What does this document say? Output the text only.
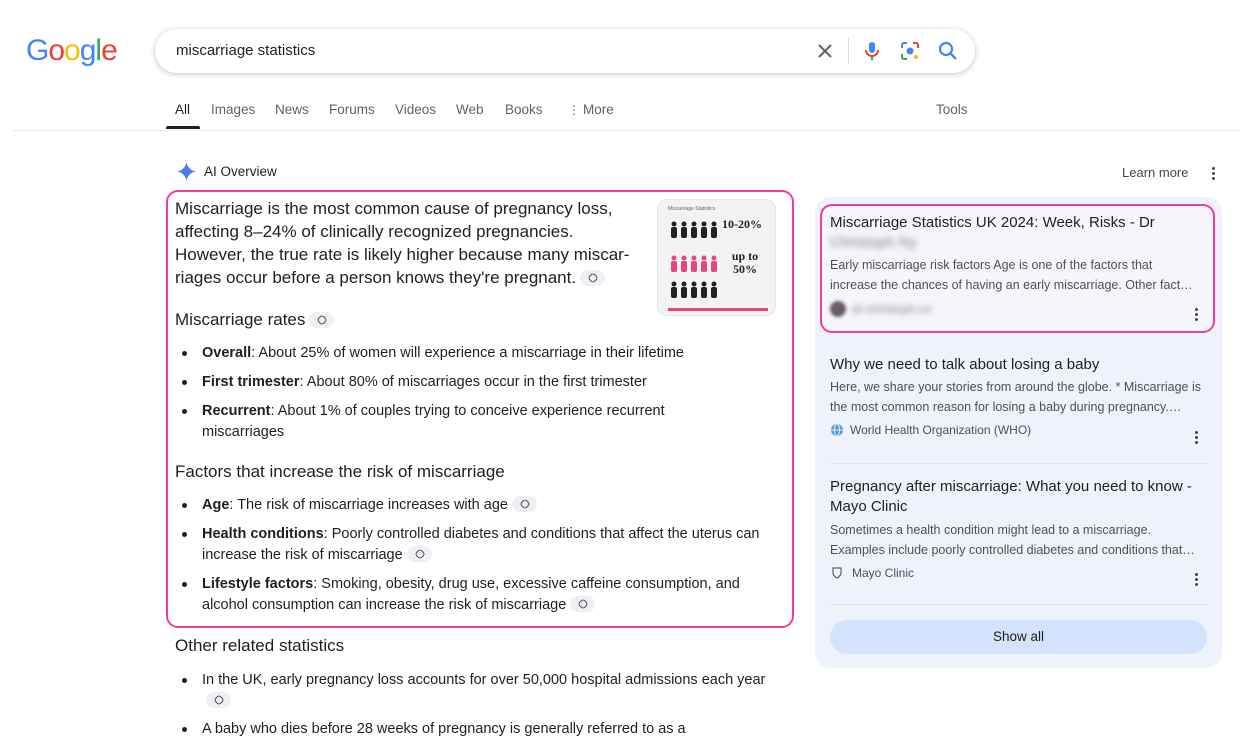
Google	miscarriage statistics
All Images News Forums Videos Web Books ⋮ More	Tools
AI Overview	Learn more
Miscarriage is the most common cause of pregnancy loss, affecting 8–24% of clinically recognized pregnancies. However, the true rate is likely higher because many miscar-riages occur before a person knows they're pregnant.
Miscarriage Statistics
10-20%
up to 50%
Miscarriage rates
Overall: About 25% of women will experience a miscarriage in their lifetime
First trimester: About 80% of miscarriages occur in the first trimester
Recurrent: About 1% of couples trying to conceive experience recurrent miscarriages
Factors that increase the risk of miscarriage
Age: The risk of miscarriage increases with age
Health conditions: Poorly controlled diabetes and conditions that affect the uterus can increase the risk of miscarriage
Lifestyle factors: Smoking, obesity, drug use, excessive caffeine consumption, and alcohol consumption can increase the risk of miscarriage
Other related statistics
In the UK, early pregnancy loss accounts for over 50,000 hospital admissions each year
A baby who dies before 28 weeks of pregnancy is generally referred to as a
Miscarriage Statistics UK 2024: Week, Risks - Dr
Christoph Ny
Early miscarriage risk factors Age is one of the factors that increase the chances of having an early miscarriage. Other fact…
dr-christoph.co
Why we need to talk about losing a baby
Here, we share your stories from around the globe. * Miscarriage is the most common reason for losing a baby during pregnancy.…
World Health Organization (WHO)
Pregnancy after miscarriage: What you need to know - Mayo Clinic
Sometimes a health condition might lead to a miscarriage. Examples include poorly controlled diabetes and conditions that…
Mayo Clinic
Show all
